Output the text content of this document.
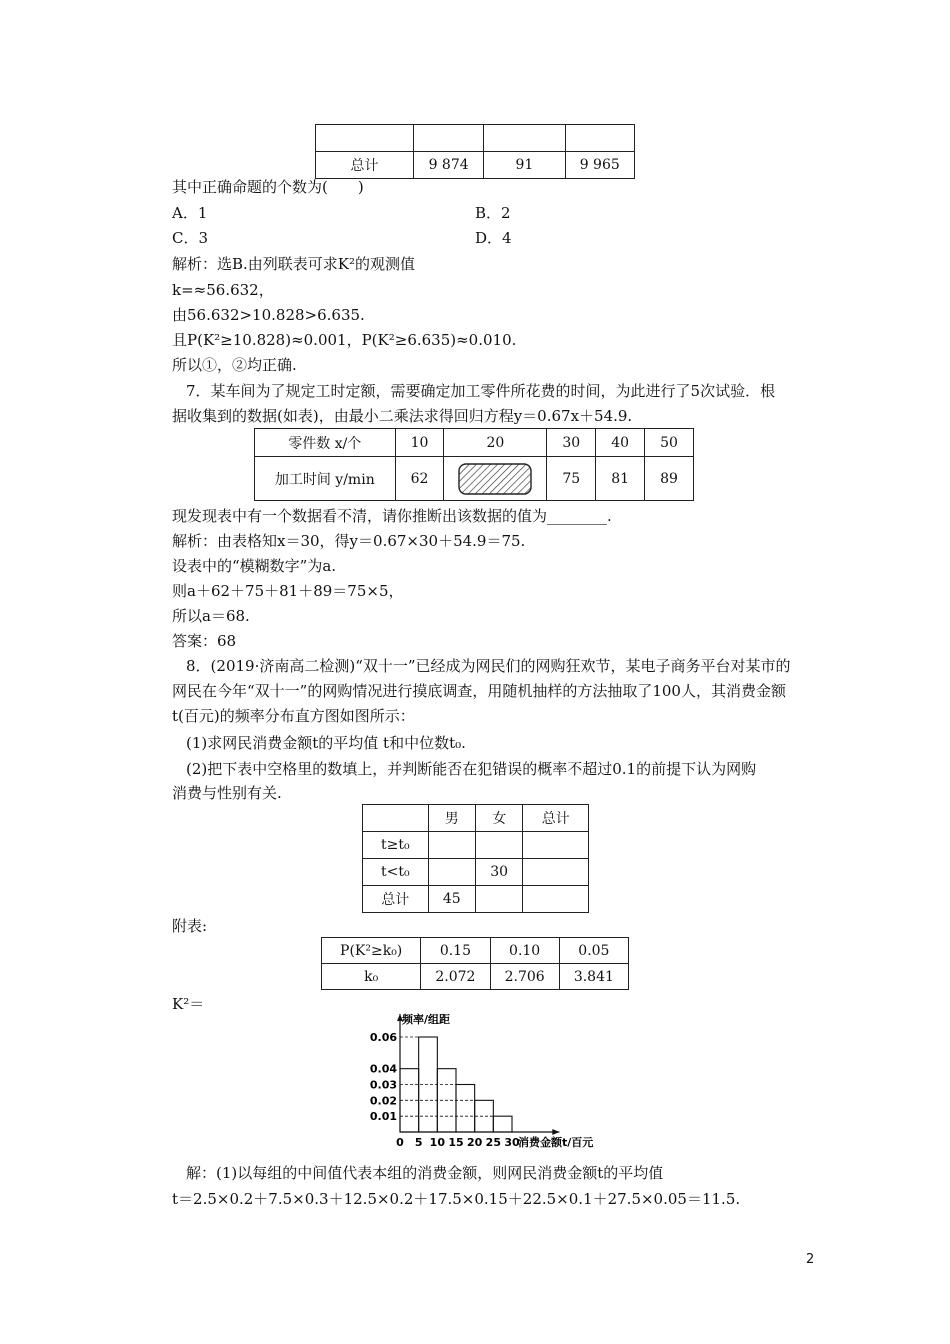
总计	9 874	91	9 965
其中正确命题的个数为(　　)
A．1	B．2
C．3	D．4
解析：选B.由列联表可求K²的观测值
k=≈56.632，
由56.632>10.828>6.635.
且P(K²≥10.828)≈0.001，P(K²≥6.635)≈0.010.
所以①，②均正确.
7．某车间为了规定工时定额，需要确定加工零件所花费的时间，为此进行了5次试验．根
据收集到的数据(如表)，由最小二乘法求得回归方程y＝0.67x＋54.9.
零件数 x/个	10	20	30	40	50
加工时间 y/min	62		75	81	89
现发现表中有一个数据看不清，请你推断出该数据的值为________.
解析：由表格知x＝30，得y＝0.67×30＋54.9＝75.
设表中的“模糊数字”为a.
则a＋62＋75＋81＋89＝75×5，
所以a＝68.
答案：68
8．(2019·济南高二检测)“双十一”已经成为网民们的网购狂欢节，某电子商务平台对某市的网民在今年“双十一”的网购情况进行摸底调查，用随机抽样的方法抽取了100人，其消费金额t(百元)的频率分布直方图如图所示：
(1)求网民消费金额t的平均值 t和中位数t₀.
(2)把下表中空格里的数填上，并判断能否在犯错误的概率不超过0.1的前提下认为网购
消费与性别有关.
	男	女	总计
t≥t₀			
t<t₀		30	
总计	45		
附表:
P(K²≥k₀)	0.15	0.10	0.05
k₀	2.072	2.706	3.841
K²＝
0.01
0.02
0.03
0.04
0.06
0 5 10 15 20 25 30
频率/组距
消费金额t/百元
解：(1)以每组的中间值代表本组的消费金额，则网民消费金额t的平均值
t＝2.5×0.2＋7.5×0.3＋12.5×0.2＋17.5×0.15＋22.5×0.1＋27.5×0.05＝11.5.
2
